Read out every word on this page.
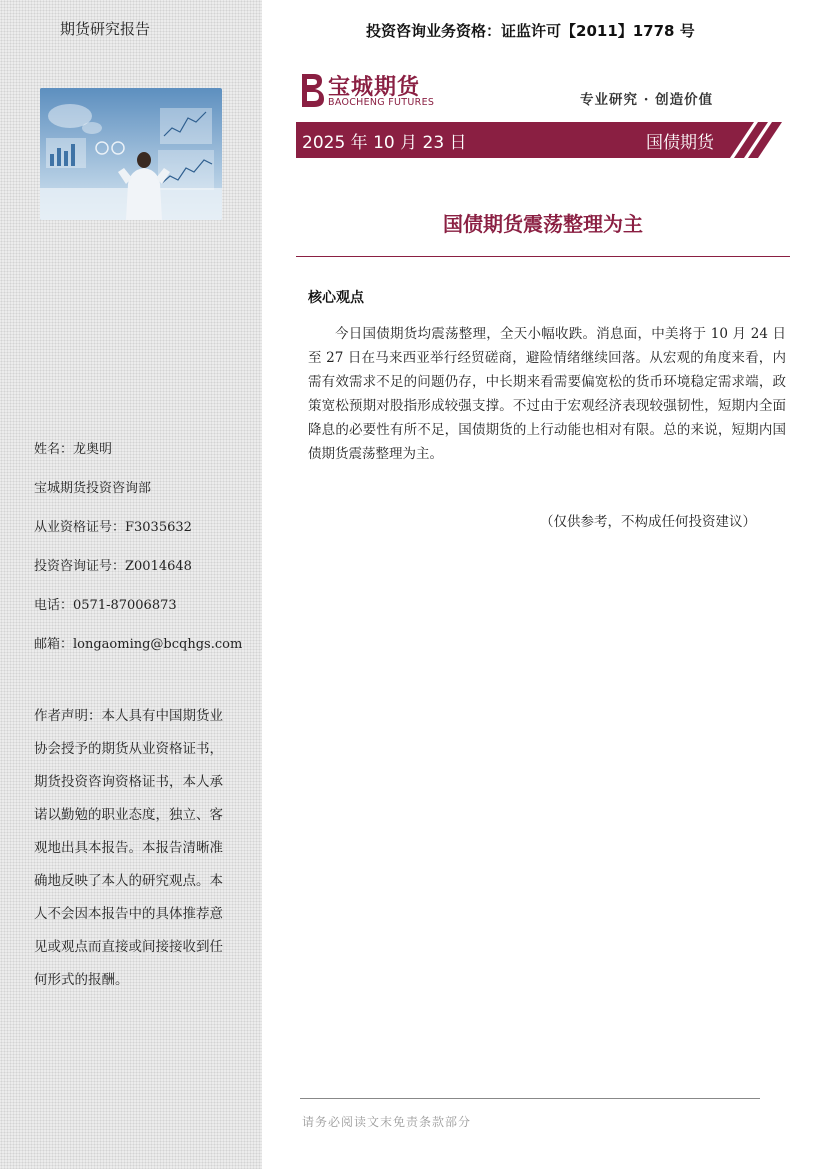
期货研究报告
姓名：龙奥明
宝城期货投资咨询部
从业资格证号：F3035632
投资咨询证号：Z0014648
电话：0571-87006873
邮箱：longaoming@bcqhgs.com
作者声明：本人具有中国期货业协会授予的期货从业资格证书，期货投资咨询资格证书，本人承诺以勤勉的职业态度，独立、客观地出具本报告。本报告清晰准确地反映了本人的研究观点。本人不会因本报告中的具体推荐意见或观点而直接或间接接收到任何形式的报酬。
投资咨询业务资格：证监许可【2011】1778 号
宝城期货
BAOCHENG FUTURES	专业研究 · 创造价值
2025 年 10 月 23 日	国债期货
国债期货震荡整理为主
核心观点
今日国债期货均震荡整理，全天小幅收跌。消息面，中美将于 10 月 24 日至 27 日在马来西亚举行经贸磋商，避险情绪继续回落。从宏观的角度来看，内需有效需求不足的问题仍存，中长期来看需要偏宽松的货币环境稳定需求端，政策宽松预期对股指形成较强支撑。不过由于宏观经济表现较强韧性，短期内全面降息的必要性有所不足，国债期货的上行动能也相对有限。总的来说，短期内国债期货震荡整理为主。
（仅供参考，不构成任何投资建议）
请务必阅读文末免责条款部分
